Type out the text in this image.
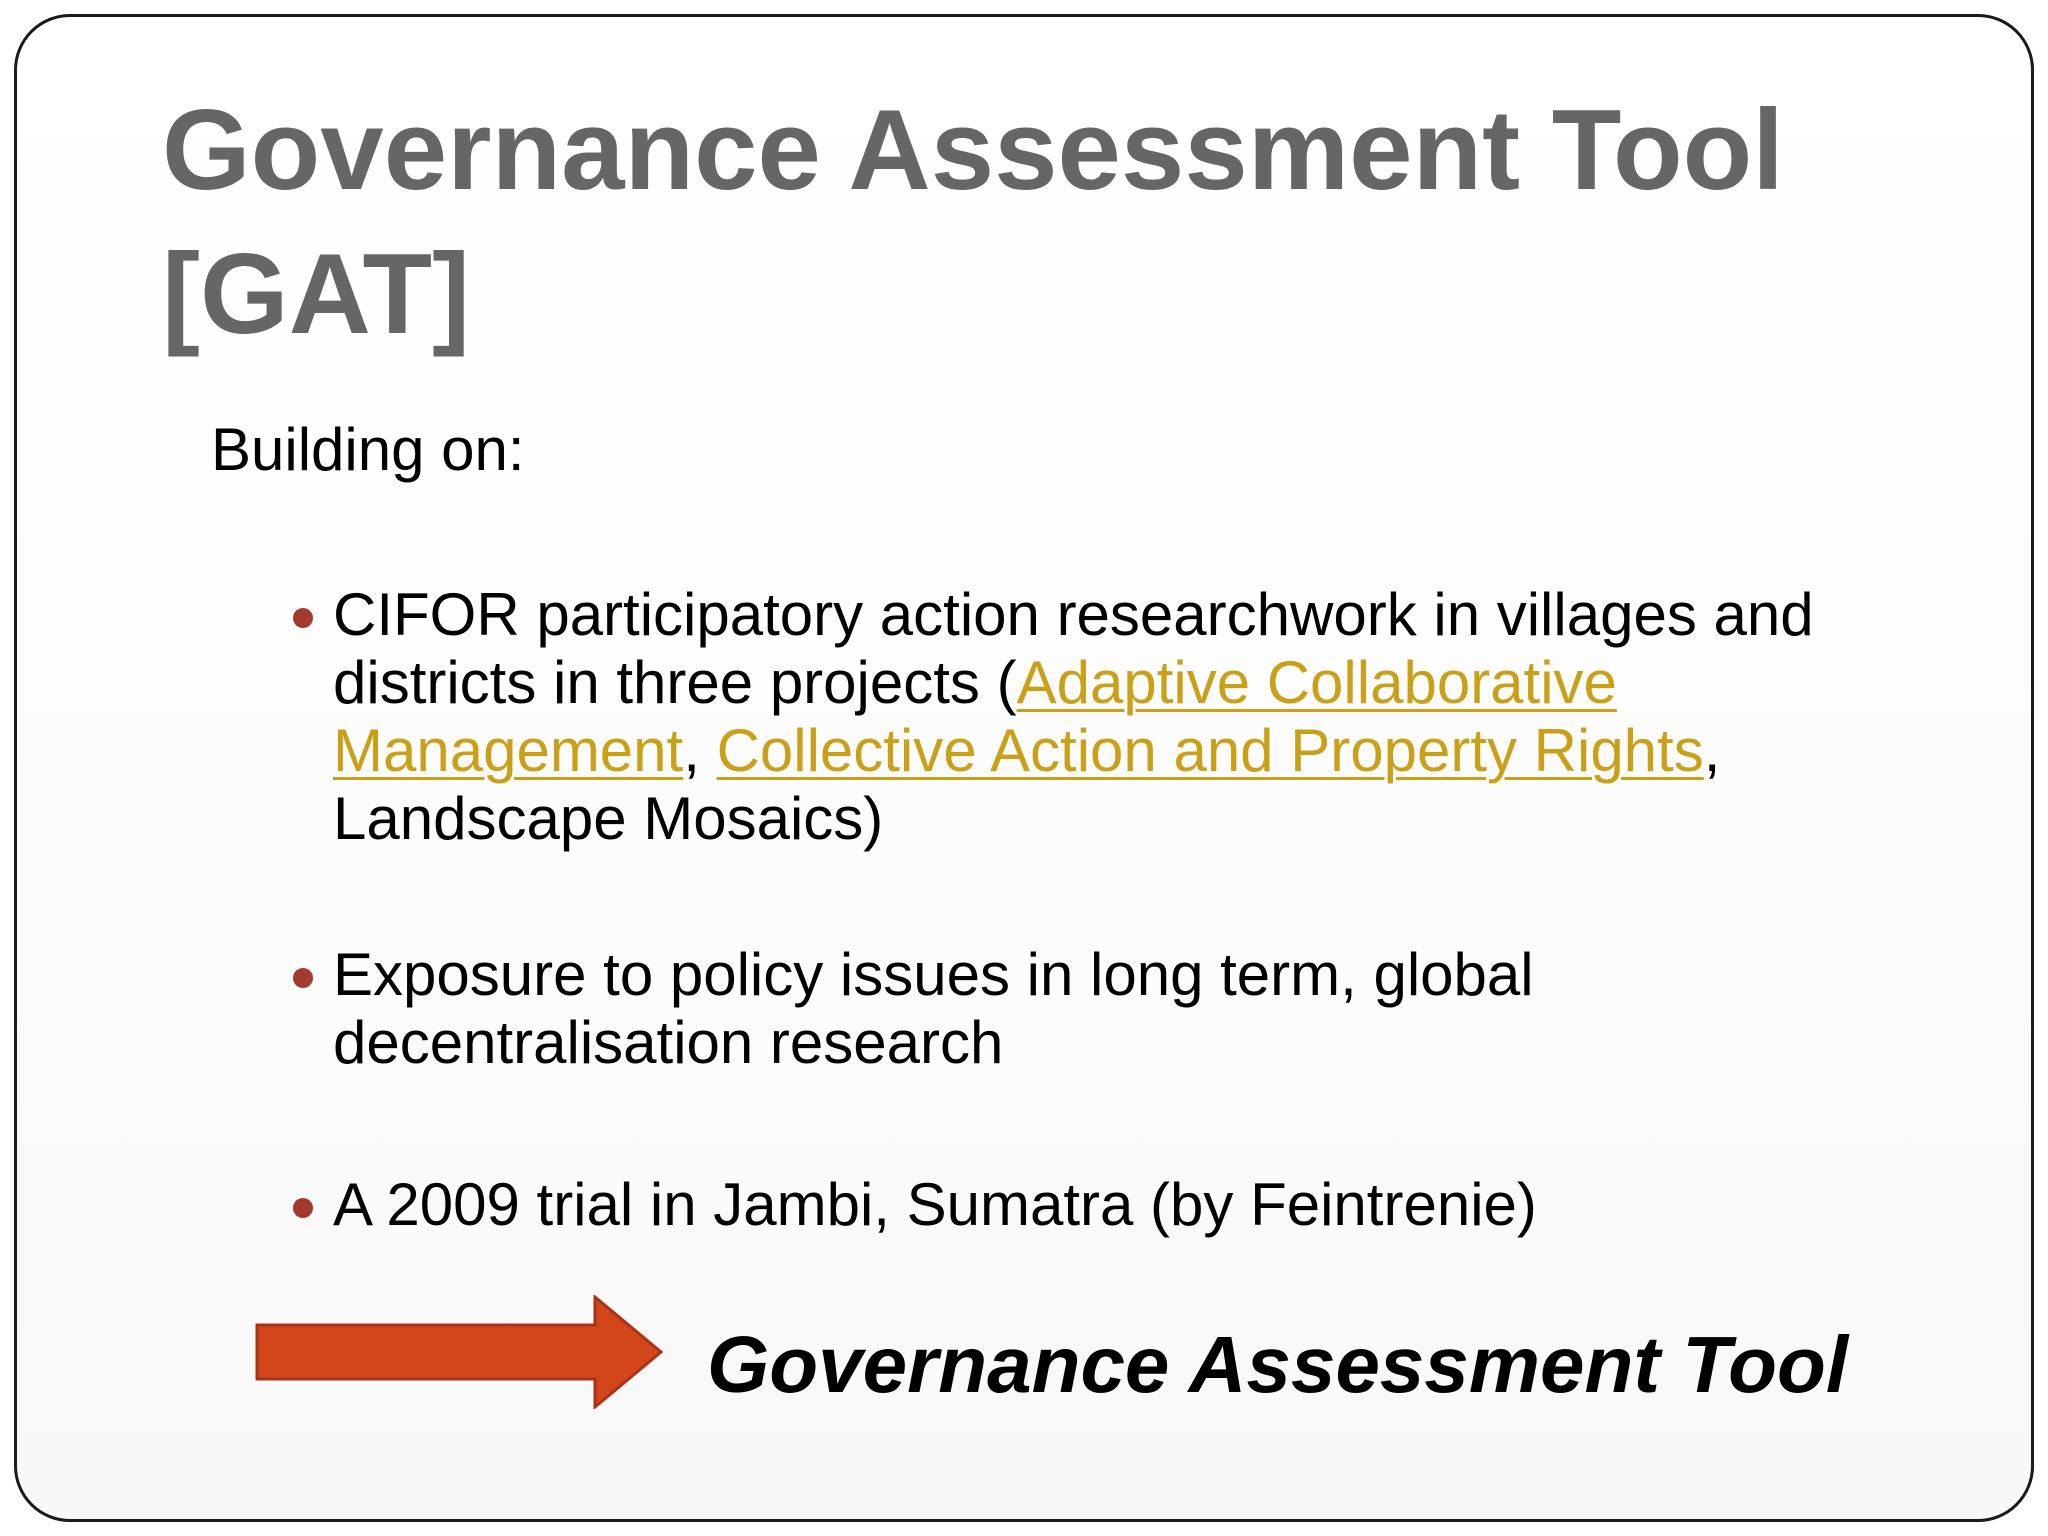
Governance Assessment Tool [GAT]
Building on:
CIFOR participatory action researchwork in villages and districts in three projects (Adaptive Collaborative Management, Collective Action and Property Rights, Landscape Mosaics)
Exposure to policy issues in long term, global decentralisation research
A 2009 trial in Jambi, Sumatra (by Feintrenie)
Governance Assessment Tool
